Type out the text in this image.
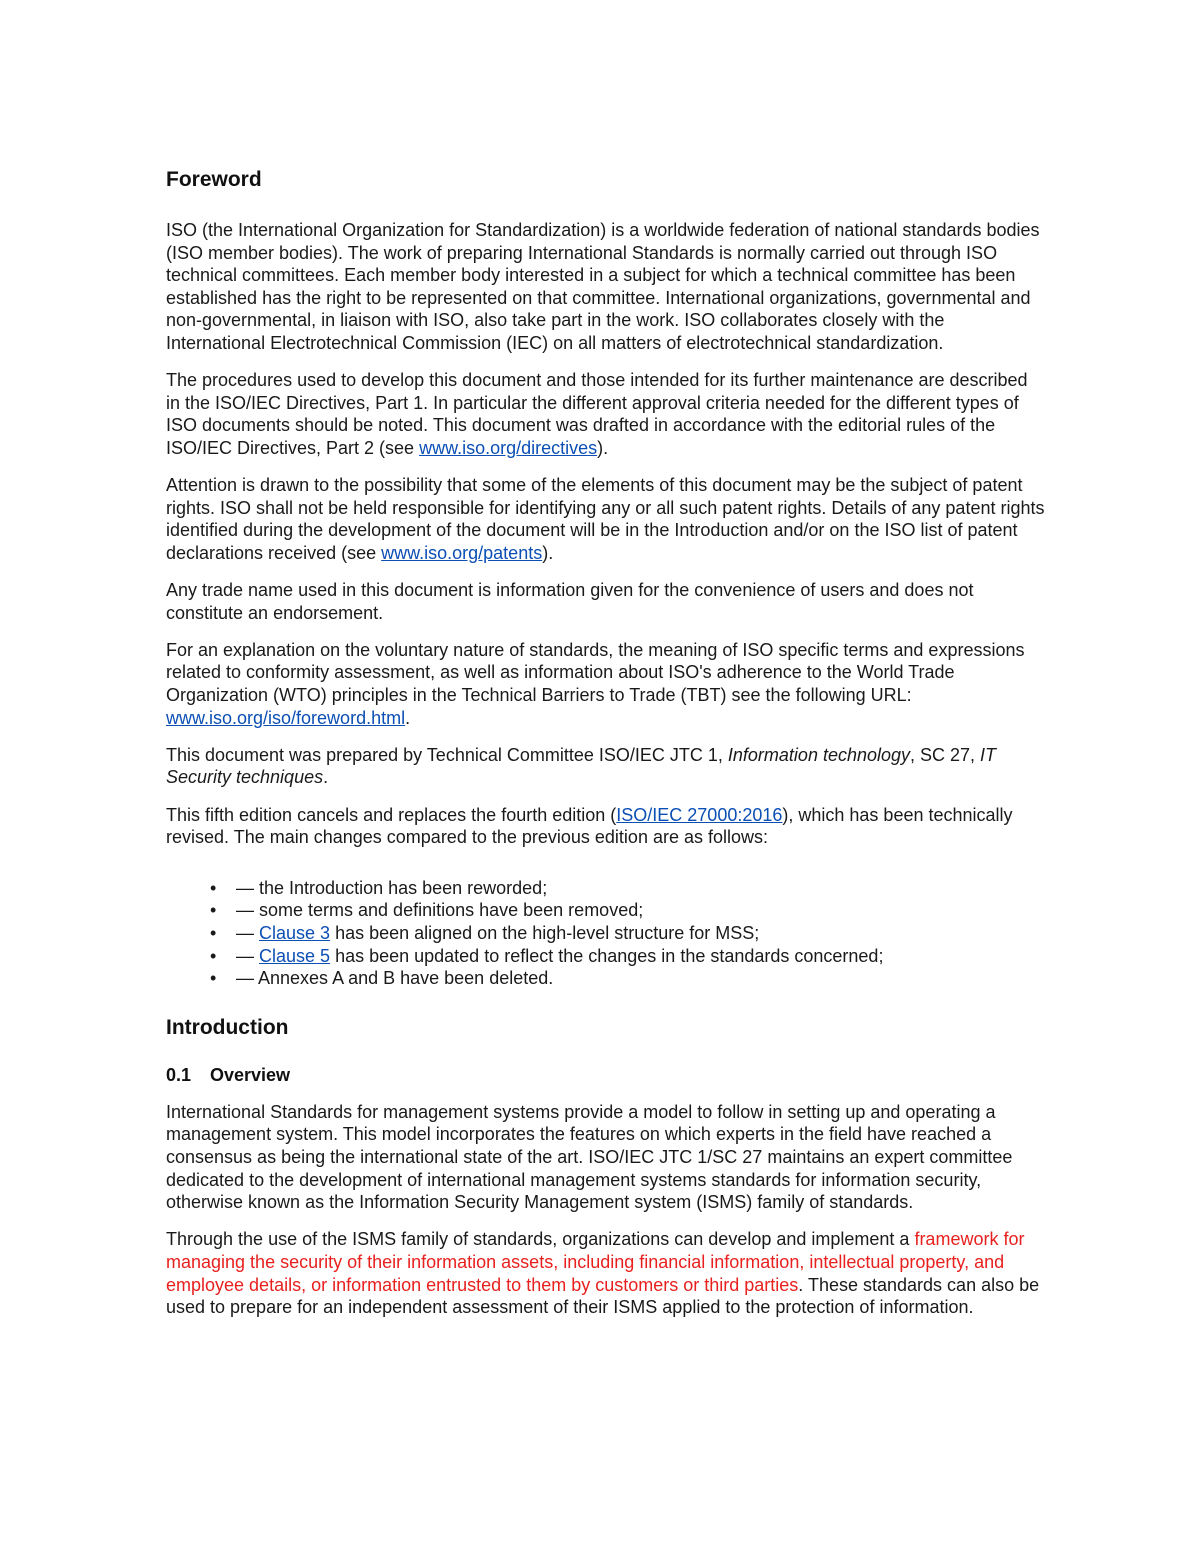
Foreword

ISO (the International Organization for Standardization) is a worldwide federation of national standards bodies (ISO member bodies). The work of preparing International Standards is normally carried out through ISO technical committees. Each member body interested in a subject for which a technical committee has been established has the right to be represented on that committee. International organizations, governmental and non-governmental, in liaison with ISO, also take part in the work. ISO collaborates closely with the International Electrotechnical Commission (IEC) on all matters of electrotechnical standardization.

The procedures used to develop this document and those intended for its further maintenance are described in the ISO/IEC Directives, Part 1. In particular the different approval criteria needed for the different types of ISO documents should be noted. This document was drafted in accordance with the editorial rules of the ISO/IEC Directives, Part 2 (see www.iso.org/directives).

Attention is drawn to the possibility that some of the elements of this document may be the subject of patent rights. ISO shall not be held responsible for identifying any or all such patent rights. Details of any patent rights identified during the development of the document will be in the Introduction and/or on the ISO list of patent declarations received (see www.iso.org/patents).

Any trade name used in this document is information given for the convenience of users and does not constitute an endorsement.

For an explanation on the voluntary nature of standards, the meaning of ISO specific terms and expressions related to conformity assessment, as well as information about ISO's adherence to the World Trade Organization (WTO) principles in the Technical Barriers to Trade (TBT) see the following URL: www.iso.org/iso/foreword.html.

This document was prepared by Technical Committee ISO/IEC JTC 1, Information technology, SC 27, IT Security techniques.

This fifth edition cancels and replaces the fourth edition (ISO/IEC 27000:2016), which has been technically revised. The main changes compared to the previous edition are as follows:

• — the Introduction has been reworded;
• — some terms and definitions have been removed;
• — Clause 3 has been aligned on the high-level structure for MSS;
• — Clause 5 has been updated to reflect the changes in the standards concerned;
• — Annexes A and B have been deleted.
Introduction
0.1 Overview

International Standards for management systems provide a model to follow in setting up and operating a management system. This model incorporates the features on which experts in the field have reached a consensus as being the international state of the art. ISO/IEC JTC 1/SC 27 maintains an expert committee dedicated to the development of international management systems standards for information security, otherwise known as the Information Security Management system (ISMS) family of standards.

Through the use of the ISMS family of standards, organizations can develop and implement a framework for managing the security of their information assets, including financial information, intellectual property, and employee details, or information entrusted to them by customers or third parties. These standards can also be used to prepare for an independent assessment of their ISMS applied to the protection of information.
